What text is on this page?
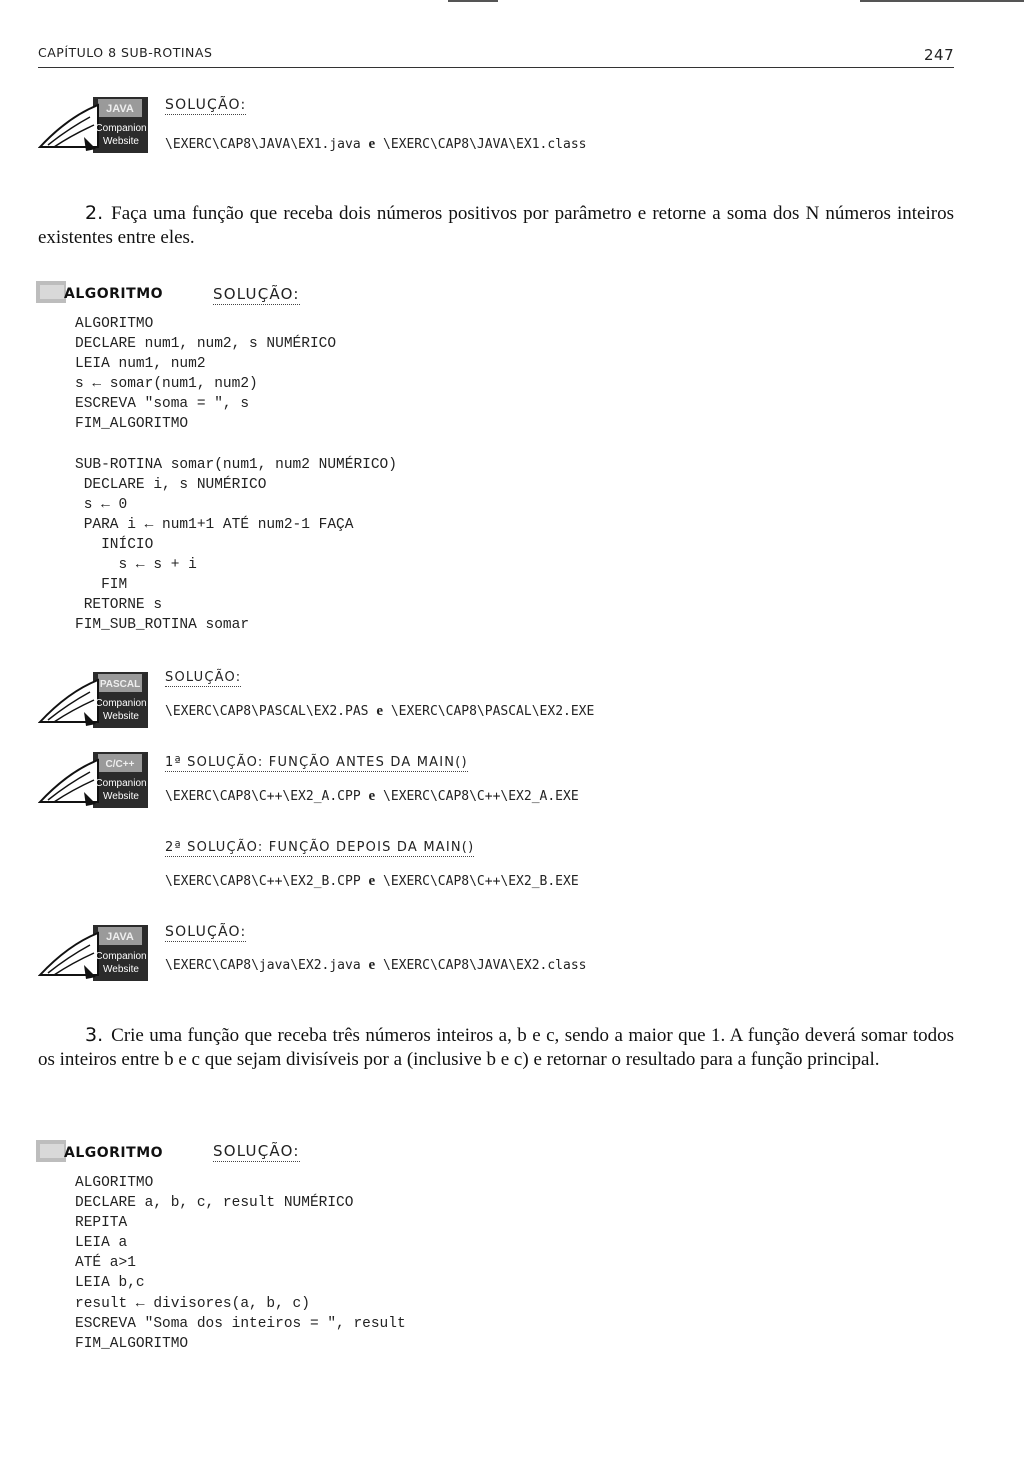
CAPÍTULO 8 SUB-ROTINAS	247
JAVA
Companion
Website
SOLUÇÃO:
\EXERC\CAP8\JAVA\EX1.java e \EXERC\CAP8\JAVA\EX1.class
2. Faça uma função que receba dois números positivos por parâmetro e retorne a soma dos N números inteiros existentes entre eles.
ALGORITMO	SOLUÇÃO:
ALGORITMO
DECLARE num1, num2, s NUMÉRICO
LEIA num1, num2
s ← somar(num1, num2)
ESCREVA "soma = ", s
FIM_ALGORITMO

SUB-ROTINA somar(num1, num2 NUMÉRICO)
DECLARE i, s NUMÉRICO
s ← 0
PARA i ← num1+1 ATÉ num2-1 FAÇA
INÍCIO
s ← s + i
FIM
RETORNE s
FIM_SUB_ROTINA somar
PASCAL
Companion
Website
SOLUÇÃO:
\EXERC\CAP8\PASCAL\EX2.PAS e \EXERC\CAP8\PASCAL\EX2.EXE
C/C++
Companion
Website
1ª SOLUÇÃO: FUNÇÃO ANTES DA MAIN()
\EXERC\CAP8\C++\EX2_A.CPP e \EXERC\CAP8\C++\EX2_A.EXE
2ª SOLUÇÃO: FUNÇÃO DEPOIS DA MAIN()
\EXERC\CAP8\C++\EX2_B.CPP e \EXERC\CAP8\C++\EX2_B.EXE
JAVA
Companion
Website
SOLUÇÃO:
\EXERC\CAP8\java\EX2.java e \EXERC\CAP8\JAVA\EX2.class
3. Crie uma função que receba três números inteiros a, b e c, sendo a maior que 1. A função deverá somar todos os inteiros entre b e c que sejam divisíveis por a (inclusive b e c) e retornar o resultado para a função principal.
ALGORITMO	SOLUÇÃO:
ALGORITMO
DECLARE a, b, c, result NUMÉRICO
REPITA
LEIA a
ATÉ a>1
LEIA b,c
result ← divisores(a, b, c)
ESCREVA "Soma dos inteiros = ", result
FIM_ALGORITMO
